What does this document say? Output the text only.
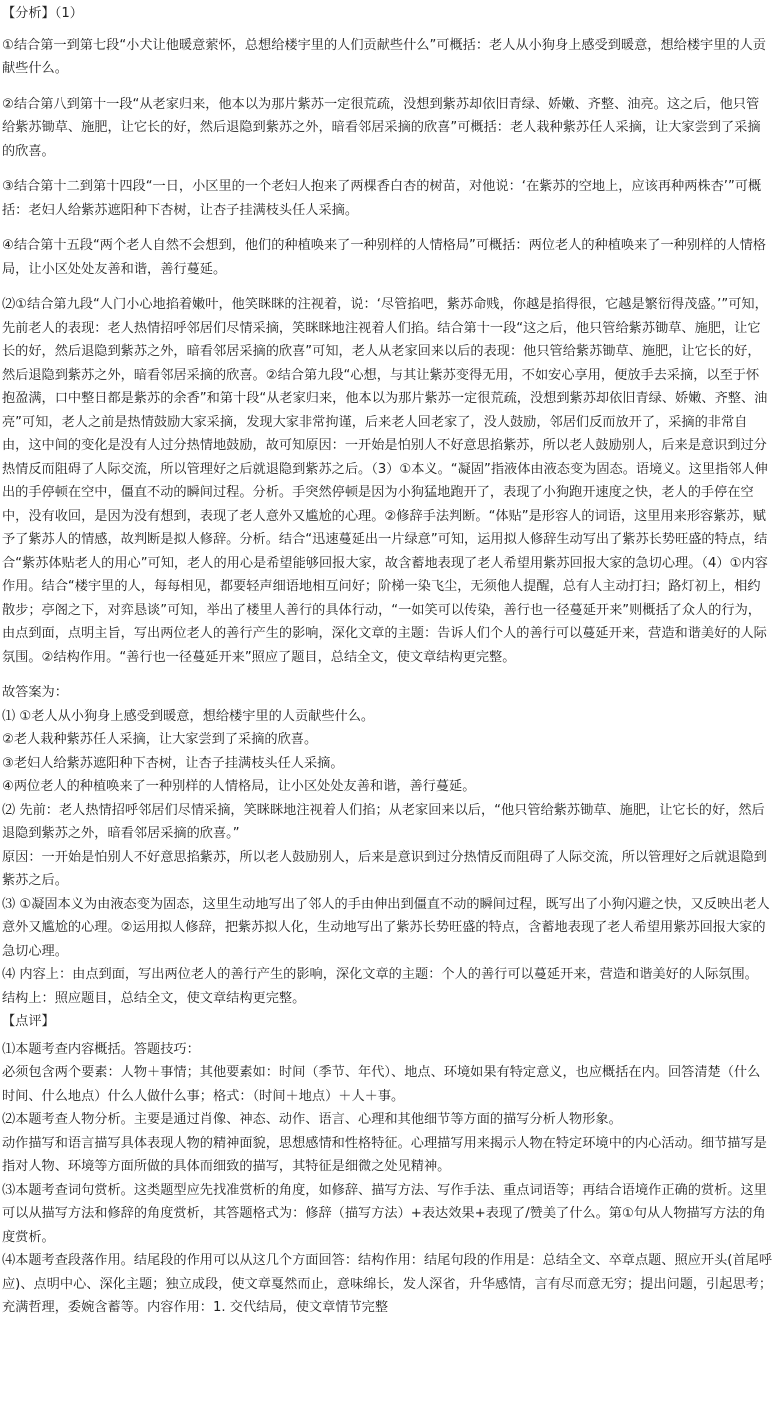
【分析】（1）
①结合第一到第七段“小犬让他暖意萦怀，总想给楼宇里的人们贡献些什么”可概括：老人从小狗身上感受到暖意，想给楼宇里的人贡献些什么。
②结合第八到第十一段“从老家归来，他本以为那片紫苏一定很荒疏，没想到紫苏却依旧青绿、娇嫩、齐整、油亮。这之后，他只管给紫苏锄草、施肥，让它长的好，然后退隐到紫苏之外，暗看邻居采摘的欣喜”可概括：老人栽种紫苏任人采摘，让大家尝到了采摘的欣喜。
③结合第十二到第十四段“一日，小区里的一个老妇人抱来了两棵香白杏的树苗，对他说：‘在紫苏的空地上，应该再种两株杏’”可概括：老妇人给紫苏遮阳种下杏树，让杏子挂满枝头任人采摘。
④结合第十五段“两个老人自然不会想到，他们的种植唤来了一种别样的人情格局”可概括：两位老人的种植唤来了一种别样的人情格局，让小区处处友善和谐，善行蔓延。
⑵①结合第九段“人门小心地掐着嫩叶，他笑眯眯的注视着，说：‘尽管掐吧，紫苏命贱，你越是掐得很，它越是繁衍得茂盛。’”可知，先前老人的表现：老人热情招呼邻居们尽情采摘，笑眯眯地注视着人们掐。结合第十一段“这之后，他只管给紫苏锄草、施肥，让它长的好，然后退隐到紫苏之外，暗看邻居采摘的欣喜”可知，老人从老家回来以后的表现：他只管给紫苏锄草、施肥，让它长的好，然后退隐到紫苏之外，暗看邻居采摘的欣喜。②结合第九段“心想，与其让紫苏变得无用，不如安心享用，便放手去采摘，以至于怀抱盈满，口中整日都是紫苏的余香”和第十段“从老家归来，他本以为那片紫苏一定很荒疏，没想到紫苏却依旧青绿、娇嫩、齐整、油亮”可知，老人之前是热情鼓励大家采摘，发现大家非常拘谨，后来老人回老家了，没人鼓励，邻居们反而放开了，采摘的非常自由，这中间的变化是没有人过分热情地鼓励，故可知原因：一开始是怕别人不好意思掐紫苏，所以老人鼓励别人，后来是意识到过分热情反而阻碍了人际交流，所以管理好之后就退隐到紫苏之后。（3）①本义。“凝固”指液体由液态变为固态。语境义。这里指邻人伸出的手停顿在空中，僵直不动的瞬间过程。分析。手突然停顿是因为小狗猛地跑开了，表现了小狗跑开速度之快，老人的手停在空中，没有收回，是因为没有想到，表现了老人意外又尴尬的心理。②修辞手法判断。“体贴”是形容人的词语，这里用来形容紫苏，赋予了紫苏人的情感，故判断是拟人修辞。分析。结合“迅速蔓延出一片绿意”可知，运用拟人修辞生动写出了紫苏长势旺盛的特点，结合“紫苏体贴老人的用心”可知，老人的用心是希望能够回报大家，故含蓄地表现了老人希望用紫苏回报大家的急切心理。（4）①内容作用。结合“楼宇里的人，每每相见，都要轻声细语地相互问好；阶梯一染飞尘，无须他人提醒，总有人主动打扫；路灯初上，相约散步；亭阁之下，对弈恳谈”可知，举出了楼里人善行的具体行动，“一如笑可以传染，善行也一径蔓延开来”则概括了众人的行为，由点到面，点明主旨，写出两位老人的善行产生的影响，深化文章的主题：告诉人们个人的善行可以蔓延开来，营造和谐美好的人际氛围。②结构作用。“善行也一径蔓延开来”照应了题目，总结全文，使文章结构更完整。
故答案为：
⑴ ①老人从小狗身上感受到暖意，想给楼宇里的人贡献些什么。
②老人栽种紫苏任人采摘，让大家尝到了采摘的欣喜。
③老妇人给紫苏遮阳种下杏树，让杏子挂满枝头任人采摘。
④两位老人的种植唤来了一种别样的人情格局，让小区处处友善和谐，善行蔓延。
⑵ 先前：老人热情招呼邻居们尽情采摘，笑眯眯地注视着人们掐；从老家回来以后，“他只管给紫苏锄草、施肥，让它长的好，然后退隐到紫苏之外，暗看邻居采摘的欣喜。”
原因：一开始是怕别人不好意思掐紫苏，所以老人鼓励别人，后来是意识到过分热情反而阻碍了人际交流，所以管理好之后就退隐到紫苏之后。
⑶ ①凝固本义为由液态变为固态，这里生动地写出了邻人的手由伸出到僵直不动的瞬间过程，既写出了小狗闪避之快，又反映出老人意外又尴尬的心理。②运用拟人修辞，把紫苏拟人化，生动地写出了紫苏长势旺盛的特点，含蓄地表现了老人希望用紫苏回报大家的急切心理。
⑷ 内容上：由点到面，写出两位老人的善行产生的影响，深化文章的主题：个人的善行可以蔓延开来，营造和谐美好的人际氛围。
结构上：照应题目，总结全文，使文章结构更完整。
【点评】
⑴本题考查内容概括。答题技巧：
必须包含两个要素：人物＋事情；其他要素如：时间（季节、年代）、地点、环境如果有特定意义，也应概括在内。回答清楚（什么时间、什么地点）什么人做什么事；格式：（时间＋地点）＋人＋事。
⑵本题考查人物分析。主要是通过肖像、神态、动作、语言、心理和其他细节等方面的描写分析人物形象。
动作描写和语言描写具体表现人物的精神面貌，思想感情和性格特征。心理描写用来揭示人物在特定环境中的内心活动。细节描写是指对人物、环境等方面所做的具体而细致的描写，其特征是细微之处见精神。
⑶本题考查词句赏析。这类题型应先找准赏析的角度，如修辞、描写方法、写作手法、重点词语等；再结合语境作正确的赏析。这里可以从描写方法和修辞的角度赏析，其答题格式为：修辞（描写方法）+表达效果+表现了/赞美了什么。第①句从人物描写方法的角度赏析。
⑷本题考查段落作用。结尾段的作用可以从这几个方面回答：结构作用：结尾句段的作用是：总结全文、卒章点题、照应开头(首尾呼应)、点明中心、深化主题；独立成段，使文章戛然而止，意味绵长，发人深省，升华感情，言有尽而意无穷；提出问题，引起思考；充满哲理，委婉含蓄等。内容作用：1. 交代结局，使文章情节完整
